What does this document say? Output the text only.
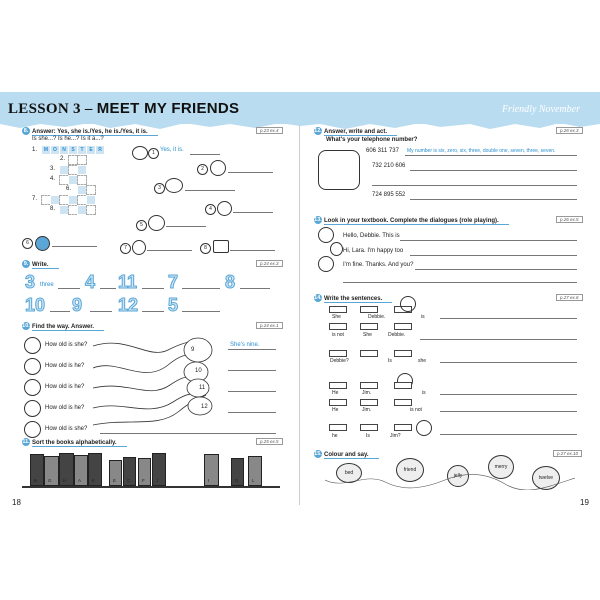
LESSON 3 – MEET MY FRIENDS	Friendly November
8. Answer: Yes, she is./Yes, he is./Yes, it is.	p.23 ex.4
Is she...? Is he...? Is it a...?
1.	M O	N	S	T	E	R
2.
3.
4.
6.
7.
8.
1 Yes, it is.
2
3
4
5
6
7	8
9. Write.	p.24 ex.3
3 three 4 11 7	8
10 9 12 5
10. Find the way. Answer.	p.24 ex.1
How old is she?
How old is he?
How old is he?
How old is he?
How old is she?
9
10
11
12
She's nine.
11. Sort the books alphabetically.	p.25 ex.5
B G	H	A K	E C	F	J	I	D	L
18
12. Answer, write and act.	p.26 ex.3
What's your telephone number?
606 311 737 My number is six, zero, six, three, double one, seven, three, seven.
732 210 606
724 895 552
13. Look in your textbook. Complete the dialogues (role playing).	p.26 ex.5
Hello, Debbie. This is
Hi, Lara. I'm happy too
I'm fine. Thanks. And you?
14. Write the sentences.	p.27 ex.6
She	Debbie.	is
is not	She	Debbie.
Debbie?	Is	she
He	Jim.	is
He	Jim.	is not
he	Is	Jim?
15. Colour and say.	p.27 ex.10
bed	friend
jelly
merry
twelve
19
